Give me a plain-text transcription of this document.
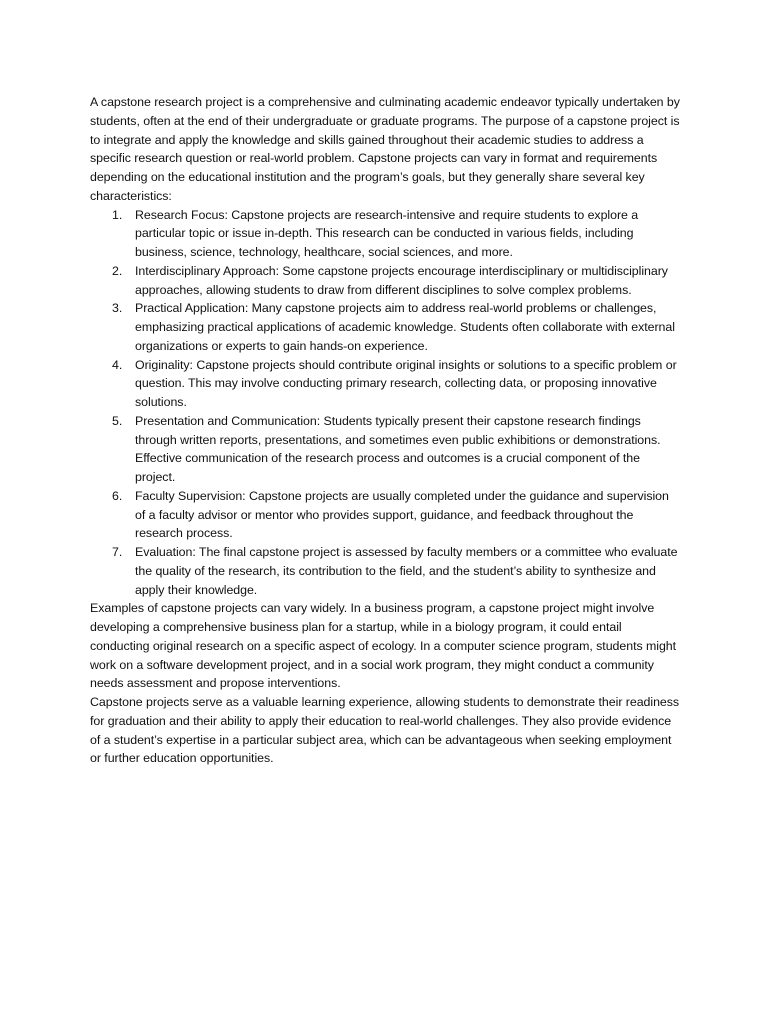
A capstone research project is a comprehensive and culminating academic endeavor typically undertaken by students, often at the end of their undergraduate or graduate programs. The purpose of a capstone project is to integrate and apply the knowledge and skills gained throughout their academic studies to address a specific research question or real-world problem. Capstone projects can vary in format and requirements depending on the educational institution and the program’s goals, but they generally share several key characteristics:

1. Research Focus: Capstone projects are research-intensive and require students to explore a particular topic or issue in-depth. This research can be conducted in various fields, including business, science, technology, healthcare, social sciences, and more.
2. Interdisciplinary Approach: Some capstone projects encourage interdisciplinary or multidisciplinary approaches, allowing students to draw from different disciplines to solve complex problems.
3. Practical Application: Many capstone projects aim to address real-world problems or challenges, emphasizing practical applications of academic knowledge. Students often collaborate with external organizations or experts to gain hands-on experience.
4. Originality: Capstone projects should contribute original insights or solutions to a specific problem or question. This may involve conducting primary research, collecting data, or proposing innovative solutions.
5. Presentation and Communication: Students typically present their capstone research findings through written reports, presentations, and sometimes even public exhibitions or demonstrations. Effective communication of the research process and outcomes is a crucial component of the project.
6. Faculty Supervision: Capstone projects are usually completed under the guidance and supervision of a faculty advisor or mentor who provides support, guidance, and feedback throughout the research process.
7. Evaluation: The final capstone project is assessed by faculty members or a committee who evaluate the quality of the research, its contribution to the field, and the student’s ability to synthesize and apply their knowledge.

Examples of capstone projects can vary widely. In a business program, a capstone project might involve developing a comprehensive business plan for a startup, while in a biology program, it could entail conducting original research on a specific aspect of ecology. In a computer science program, students might work on a software development project, and in a social work program, they might conduct a community needs assessment and propose interventions.

Capstone projects serve as a valuable learning experience, allowing students to demonstrate their readiness for graduation and their ability to apply their education to real-world challenges. They also provide evidence of a student’s expertise in a particular subject area, which can be advantageous when seeking employment or further education opportunities.
